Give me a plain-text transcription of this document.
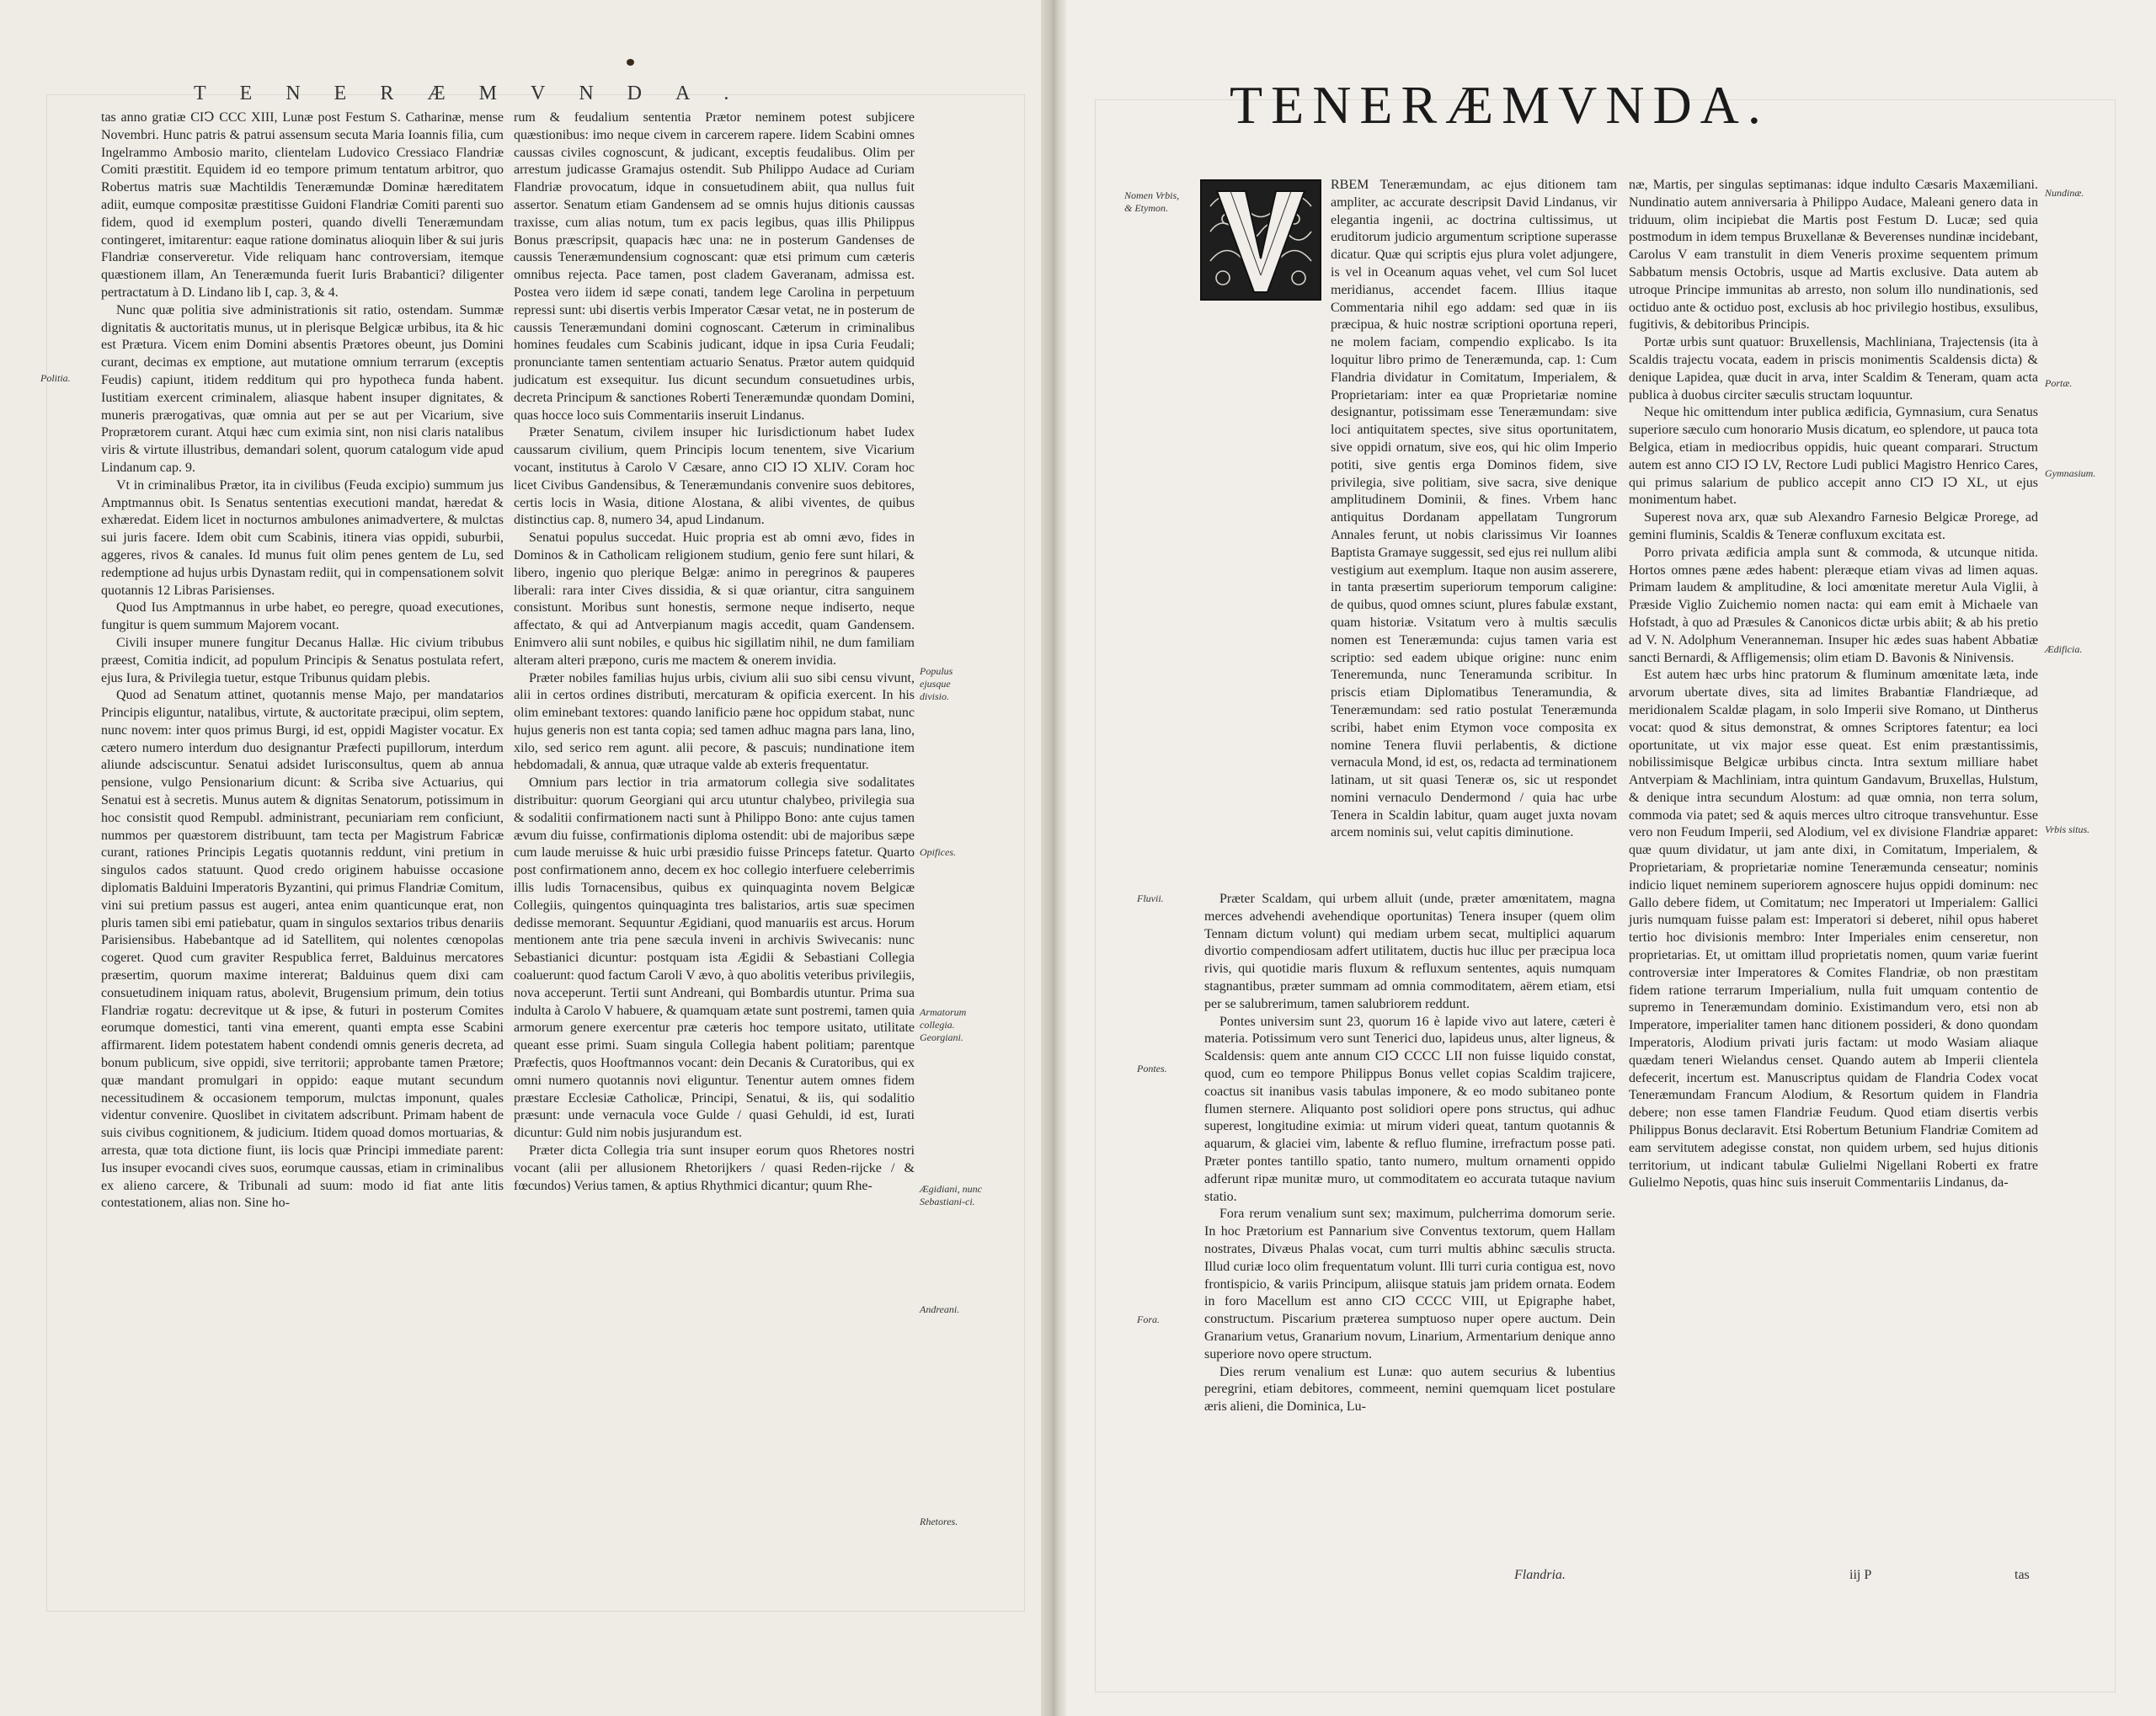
TENERÆMVNDA.

tas anno gratiæ CIↃ CCC XIII, Lunæ post Festum S. Catharinæ, mense Novembri. Hunc patris & patrui assensum secuta Maria Ioannis filia, cum Ingelrammo Ambosio marito, clientelam Ludovico Cressiaco Flandriæ Comiti præstitit. Equidem id eo tempore primum tentatum arbitror, quo Robertus matris suæ Machtildis Teneræmundæ Dominæ hæreditatem adiit, eumque compositæ præstitisse Guidoni Flandriæ Comiti parenti suo fidem, quod id exemplum posteri, quando divelli Teneræmundam contingeret, imitarentur: eaque ratione dominatus alioquin liber & sui juris Flandriæ conserveretur. Vide reliquam hanc controversiam, itemque quæstionem illam, An Teneræmunda fuerit Iuris Brabantici? diligenter pertractatum à D. Lindano lib I, cap. 3, & 4.

Nunc quæ politia sive administrationis sit ratio, ostendam. Summæ dignitatis & auctoritatis munus, ut in plerisque Belgicæ urbibus, ita & hic est Prætura. Vicem enim Domini absentis Prætores obeunt, jus Domini curant, decimas ex emptione, aut mutatione omnium terrarum (exceptis Feudis) capiunt, itidem redditum qui pro hypotheca funda habent. Iustitiam exercent criminalem, aliasque habent insuper dignitates, & muneris prærogativas, quæ omnia aut per se aut per Vicarium, sive Proprætorem curant. Atqui hæc cum eximia sint, non nisi claris natalibus viris & virtute illustribus, demandari solent, quorum catalogum vide apud Lindanum cap. 9.

Vt in criminalibus Prætor, ita in civilibus (Feuda excipio) summum jus Amptmannus obit. Is Senatus sententias executioni mandat, hæredat & exhæredat. Eidem licet in nocturnos ambulones animadvertere, & mulctas sui juris facere. Idem obit cum Scabinis, itinera vias oppidi, suburbii, aggeres, rivos & canales. Id munus fuit olim penes gentem de Lu, sed redemptione ad hujus urbis Dynastam rediit, qui in compensationem solvit quotannis 12 Libras Parisienses.

Quod Ius Amptmannus in urbe habet, eo peregre, quoad executiones, fungitur is quem summum Majorem vocant.

Civili insuper munere fungitur Decanus Hallæ. Hic civium tribubus præest, Comitia indicit, ad populum Principis & Senatus postulata refert, ejus Iura, & Privilegia tuetur, estque Tribunus quidam plebis.

Quod ad Senatum attinet, quotannis mense Majo, per mandatarios Principis eliguntur, natalibus, virtute, & auctoritate præcipui, olim septem, nunc novem: inter quos primus Burgi, id est, oppidi Magister vocatur. Ex cætero numero interdum duo designantur Præfecti pupillorum, interdum aliunde adsciscuntur. Senatui adsidet Iurisconsultus, quem ab annua pensione, vulgo Pensionarium dicunt: & Scriba sive Actuarius, qui Senatui est à secretis. Munus autem & dignitas Senatorum, potissimum in hoc consistit quod Rempubl. administrant, pecuniariam rem conficiunt, nummos per quæstorem distribuunt, tam tecta per Magistrum Fabricæ curant, rationes Principis Legatis quotannis reddunt, vini pretium in singulos cados statuunt. Quod credo originem habuisse occasione diplomatis Balduini Imperatoris Byzantini, qui primus Flandriæ Comitum, vini sui pretium passus est augeri, antea enim quanticunque erat, non pluris tamen sibi emi patiebatur, quam in singulos sextarios tribus denariis Parisiensibus. Habebantque ad id Satellitem, qui nolentes cœnopolas cogeret. Quod cum graviter Respublica ferret, Balduinus mercatores præsertim, quorum maxime intererat; Balduinus quem dixi cam consuetudinem iniquam ratus, abolevit, Brugensium primum, dein totius Flandriæ rogatu: decrevitque ut & ipse, & futuri in posterum Comites eorumque domestici, tanti vina emerent, quanti empta esse Scabini affirmarent. Iidem potestatem habent condendi omnis generis decreta, ad bonum publicum, sive oppidi, sive territorii; approbante tamen Prætore; quæ mandant promulgari in oppido: eaque mutant secundum necessitudinem & occasionem temporum, mulctas imponunt, quales videntur convenire. Quoslibet in civitatem adscribunt. Primam habent de suis civibus cognitionem, & judicium. Itidem quoad domos mortuarias, & arresta, quæ tota dictione fiunt, iis locis quæ Principi immediate parent: Ius insuper evocandi cives suos, eorumque caussas, etiam in criminalibus ex alieno carcere, & Tribunali ad suum: modo id fiat ante litis contestationem, alias non. Sine ho-

rum & feudalium sententia Prætor neminem potest subjicere quæstionibus: imo neque civem in carcerem rapere. Iidem Scabini omnes caussas civiles cognoscunt, & judicant, exceptis feudalibus. Olim per arrestum judicasse Gramajus ostendit. Sub Philippo Audace ad Curiam Flandriæ provocatum, idque in consuetudinem abiit, qua nullus fuit assertor. Senatum etiam Gandensem ad se omnis hujus ditionis caussas traxisse, cum alias notum, tum ex pacis legibus, quas illis Philippus Bonus præscripsit, quapacis hæc una: ne in posterum Gandenses de caussis Teneræmundensium cognoscant: quæ etsi primum cum cæteris omnibus rejecta. Pace tamen, post cladem Gaveranam, admissa est. Postea vero iidem id sæpe conati, tandem lege Carolina in perpetuum repressi sunt: ubi disertis verbis Imperator Cæsar vetat, ne in posterum de caussis Teneræmundani domini cognoscant. Cæterum in criminalibus homines feudales cum Scabinis judicant, idque in ipsa Curia Feudali; pronunciante tamen sententiam actuario Senatus. Prætor autem quidquid judicatum est exsequitur. Ius dicunt secundum consuetudines urbis, decreta Principum & sanctiones Roberti Teneræmundæ quondam Domini, quas hocce loco suis Commentariis inseruit Lindanus.

Præter Senatum, civilem insuper hic Iurisdictionum habet Iudex caussarum civilium, quem Principis locum tenentem, sive Vicarium vocant, institutus à Carolo V Cæsare, anno CIↃ IↃ XLIV. Coram hoc licet Civibus Gandensibus, & Teneræmundanis convenire suos debitores, certis locis in Wasia, ditione Alostana, & alibi viventes, de quibus distinctius cap. 8, numero 34, apud Lindanum.

Senatui populus succedat. Huic propria est ab omni ævo, fides in Dominos & in Catholicam religionem studium, genio fere sunt hilari, & libero, ingenio quo plerique Belgæ: animo in peregrinos & pauperes liberali: rara inter Cives dissidia, & si quæ oriantur, citra sanguinem consistunt. Moribus sunt honestis, sermone neque indiserto, neque affectato, & qui ad Antverpianum magis accedit, quam Gandensem. Enimvero alii sunt nobiles, e quibus hic sigillatim nihil, ne dum familiam alteram alteri præpono, curis me mactem & onerem invidia.

Præter nobiles familias hujus urbis, civium alii suo sibi censu vivunt, alii in certos ordines distributi, mercaturam & opificia exercent. In his olim eminebant textores: quando lanificio pæne hoc oppidum stabat, nunc hujus generis non est tanta copia; sed tamen adhuc magna pars lana, lino, xilo, sed serico rem agunt. alii pecore, & pascuis; nundinatione item hebdomadali, & annua, quæ utraque valde ab exteris frequentatur.

Omnium pars lectior in tria armatorum collegia sive sodalitates distribuitur: quorum Georgiani qui arcu utuntur chalybeo, privilegia sua & sodalitii confirmationem nacti sunt à Philippo Bono: ante cujus tamen ævum diu fuisse, confirmationis diploma ostendit: ubi de majoribus sæpe cum laude meruisse & huic urbi præsidio fuisse Princeps fatetur. Quarto post confirmationem anno, decem ex hoc collegio interfuere celeberrimis illis ludis Tornacensibus, quibus ex quinquaginta novem Belgicæ Collegiis, quingentos quinquaginta tres balistarios, artis suæ specimen dedisse memorant. Sequuntur Ægidiani, quod manuariis est arcus. Horum mentionem ante tria pene sæcula inveni in archivis Swivecanis: nunc Sebastianici dicuntur: postquam ista Ægidii & Sebastiani Collegia coaluerunt: quod factum Caroli V ævo, à quo abolitis veteribus privilegiis, nova acceperunt. Tertii sunt Andreani, qui Bombardis utuntur. Prima sua indulta à Carolo V habuere, & quamquam ætate sunt postremi, tamen quia armorum genere exercentur præ cæteris hoc tempore usitato, utilitate queant esse primi. Suam singula Collegia habent politiam; parentque Præfectis, quos Hooftmannos vocant: dein Decanis & Curatoribus, qui ex omni numero quotannis novi eliguntur. Tenentur autem omnes fidem præstare Ecclesiæ Catholicæ, Principi, Senatui, & iis, qui sodalitio præsunt: unde vernacula voce Gulde / quasi Gehuldi, id est, Iurati dicuntur: Guld nim nobis jusjurandum est.

Præter dicta Collegia tria sunt insuper eorum quos Rhetores nostri vocant (alii per allusionem Rhetorijkers / quasi Reden-rijcke / & fœcundos) Verius tamen, & aptius Rhythmici dicantur; quum Rhe-

Politia.
Populus ejusque divisio.
Opifices.
Armatorum collegia. Georgiani.
Ægidiani, nunc Sebastiani-ci.
Andreani.
Rhetores.
TENERÆMVNDA.

RBEM Teneræmundam, ac ejus ditionem tam ampliter, ac accurate descripsit David Lindanus, vir elegantia ingenii, ac doctrina cultissimus, ut eruditorum judicio argumentum scriptione superasse dicatur. Quæ qui scriptis ejus plura volet adjungere, is vel in Oceanum aquas vehet, vel cum Sol lucet meridianus, accendet facem. Illius itaque Commentaria nihil ego addam: sed quæ in iis præcipua, & huic nostræ scriptioni oportuna reperi, ne molem faciam, compendio explicabo. Is ita loquitur libro primo de Teneræmunda, cap. 1: Cum Flandria dividatur in Comitatum, Imperialem, & Proprietariam: inter ea quæ Proprietariæ nomine designantur, potissimam esse Teneræmundam: sive loci antiquitatem spectes, sive situs oportunitatem, sive oppidi ornatum, sive eos, qui hic olim Imperio potiti, sive gentis erga Dominos fidem, sive privilegia, sive politiam, sive sacra, sive denique amplitudinem Dominii, & fines. Vrbem hanc antiquitus Dordanam appellatam Tungrorum Annales ferunt, ut nobis clarissimus Vir Ioannes Baptista Gramaye suggessit, sed ejus rei nullum alibi vestigium aut exemplum. Itaque non ausim asserere, in tanta præsertim superiorum temporum caligine: de quibus, quod omnes sciunt, plures fabulæ exstant, quam historiæ. Vsitatum vero à multis sæculis nomen est Teneræmunda: cujus tamen varia est scriptio: sed eadem ubique origine: nunc enim Teneremunda, nunc Teneramunda scribitur. In priscis etiam Diplomatibus Teneramundia, & Teneræmundam: sed ratio postulat Teneræmunda scribi, habet enim Etymon voce composita ex nomine Tenera fluvii perlabentis, & dictione vernacula Mond, id est, os, redacta ad terminationem latinam, ut sit quasi Teneræ os, sic ut respondet nomini vernaculo Dendermond / quia hac urbe Tenera in Scaldin labitur, quam auget juxta novam arcem nominis sui, velut capitis diminutione.

Præter Scaldam, qui urbem alluit (unde, præter amœnitatem, magna merces advehendi avehendique oportunitas) Tenera insuper (quem olim Tennam dictum volunt) qui mediam urbem secat, multiplici aquarum divortio compendiosam adfert utilitatem, ductis huc illuc per præcipua loca rivis, qui quotidie maris fluxum & refluxum sententes, aquis numquam stagnantibus, præter summam ad omnia commoditatem, aërem etiam, etsi per se salubrerimum, tamen salubriorem reddunt.

Pontes universim sunt 23, quorum 16 è lapide vivo aut latere, cæteri è materia. Potissimum vero sunt Tenerici duo, lapideus unus, alter ligneus, & Scaldensis: quem ante annum CIↃ CCCC LII non fuisse liquido constat, quod, cum eo tempore Philippus Bonus vellet copias Scaldim trajicere, coactus sit inanibus vasis tabulas imponere, & eo modo subitaneo ponte flumen sternere. Aliquanto post solidiori opere pons structus, qui adhuc superest, longitudine eximia: ut mirum videri queat, tantum quotannis & aquarum, & glaciei vim, labente & refluo flumine, irrefractum posse pati. Præter pontes tantillo spatio, tanto numero, multum ornamenti oppido adferunt ripæ munitæ muro, ut commoditatem eo accurata tutaque navium statio.

Fora rerum venalium sunt sex; maximum, pulcherrima domorum serie. In hoc Prætorium est Pannarium sive Conventus textorum, quem Hallam nostrates, Divæus Phalas vocat, cum turri multis abhinc sæculis structa. Illud curiæ loco olim frequentatum volunt. Illi turri curia contigua est, novo frontispicio, & variis Principum, aliisque statuis jam pridem ornata. Eodem in foro Macellum est anno CIↃ CCCC VIII, ut Epigraphe habet, constructum. Piscarium præterea sumptuoso nuper opere auctum. Dein Granarium vetus, Granarium novum, Linarium, Armentarium denique anno superiore novo opere structum.

Dies rerum venalium est Lunæ: quo autem securius & lubentius peregrini, etiam debitores, commeent, nemini quemquam licet postulare æris alieni, die Dominica, Lu-

næ, Martis, per singulas septimanas: idque indulto Cæsaris Maxæmiliani. Nundinatio autem anniversaria à Philippo Audace, Maleani genero data in triduum, olim incipiebat die Martis post Festum D. Lucæ; sed quia postmodum in idem tempus Bruxellanæ & Beverenses nundinæ incidebant, Carolus V eam transtulit in diem Veneris proxime sequentem primum Sabbatum mensis Octobris, usque ad Martis exclusive. Data autem ab utroque Principe immunitas ab arresto, non solum illo nundinationis, sed octiduo ante & octiduo post, exclusis ab hoc privilegio hostibus, exsulibus, fugitivis, & debitoribus Principis.

Portæ urbis sunt quatuor: Bruxellensis, Machliniana, Trajectensis (ita à Scaldis trajectu vocata, eadem in priscis monimentis Scaldensis dicta) & denique Lapidea, quæ ducit in arva, inter Scaldim & Teneram, quam acta publica à duobus circiter sæculis structam loquuntur.

Neque hic omittendum inter publica ædificia, Gymnasium, cura Senatus superiore sæculo cum honorario Musis dicatum, eo splendore, ut pauca tota Belgica, etiam in mediocribus oppidis, huic queant comparari. Structum autem est anno CIↃ IↃ LV, Rectore Ludi publici Magistro Henrico Cares, qui primus salarium de publico accepit anno CIↃ IↃ XL, ut ejus monimentum habet.

Superest nova arx, quæ sub Alexandro Farnesio Belgicæ Prorege, ad gemini fluminis, Scaldis & Teneræ confluxum excitata est.

Porro privata ædificia ampla sunt & commoda, & utcunque nitida. Hortos omnes pæne ædes habent: pleræque etiam vivas ad limen aquas. Primam laudem & amplitudine, & loci amœnitate meretur Aula Viglii, à Præside Viglio Zuichemio nomen nacta: qui eam emit à Michaele van Hofstadt, à quo ad Præsules & Canonicos dictæ urbis abiit; & ab his pretio ad V. N. Adolphum Veneranneman. Insuper hic ædes suas habent Abbatiæ sancti Bernardi, & Affligemensis; olim etiam D. Bavonis & Ninivensis.

Est autem hæc urbs hinc pratorum & fluminum amœnitate læta, inde arvorum ubertate dives, sita ad limites Brabantiæ Flandriæque, ad meridionalem Scaldæ plagam, in solo Imperii sive Romano, ut Dintherus vocat: quod & situs demonstrat, & omnes Scriptores fatentur; ea loci oportunitate, ut vix major esse queat. Est enim præstantissimis, nobilissimisque Belgicæ urbibus cincta. Intra sextum milliare habet Antverpiam & Machliniam, intra quintum Gandavum, Bruxellas, Hulstum, & denique intra secundum Alostum: ad quæ omnia, non terra solum, commoda via patet; sed & aquis merces ultro citroque transvehuntur. Esse vero non Feudum Imperii, sed Alodium, vel ex divisione Flandriæ apparet: quæ quum dividatur, ut jam ante dixi, in Comitatum, Imperialem, & Proprietariam, & proprietariæ nomine Teneræmunda censeatur; nominis indicio liquet neminem superiorem agnoscere hujus oppidi dominum: nec Gallo debere fidem, ut Comitatum; nec Imperatori ut Imperialem: Gallici juris numquam fuisse palam est: Imperatori si deberet, nihil opus haberet tertio hoc divisionis membro: Inter Imperiales enim censeretur, non proprietarias. Et, ut omittam illud proprietatis nomen, quum variæ fuerint controversiæ inter Imperatores & Comites Flandriæ, ob non præstitam fidem ratione terrarum Imperialium, nulla fuit umquam contentio de supremo in Teneræmundam dominio. Existimandum vero, etsi non ab Imperatore, imperialiter tamen hanc ditionem possideri, & dono quondam Imperatoris, Alodium privati juris factam: ut modo Wasiam aliaque quædam teneri Wielandus censet. Quando autem ab Imperii clientela defecerit, incertum est. Manuscriptus quidam de Flandria Codex vocat Teneræmundam Francum Alodium, & Resortum quidem in Flandria debere; non esse tamen Flandriæ Feudum. Quod etiam disertis verbis Philippus Bonus declaravit. Etsi Robertum Betunium Flandriæ Comitem ad eam servitutem adegisse constat, non quidem urbem, sed hujus ditionis territorium, ut indicant tabulæ Gulielmi Nigellani Roberti ex fratre Gulielmo Nepotis, quas hinc suis inseruit Commentariis Lindanus, da-

Nomen Vrbis, & Etymon.
Nundinæ.
Portæ.
Gymnasium.
Ædificia.
Vrbis situs.
Fluvii.
Pontes.
Fora.
Flandria.	iij P	tas
